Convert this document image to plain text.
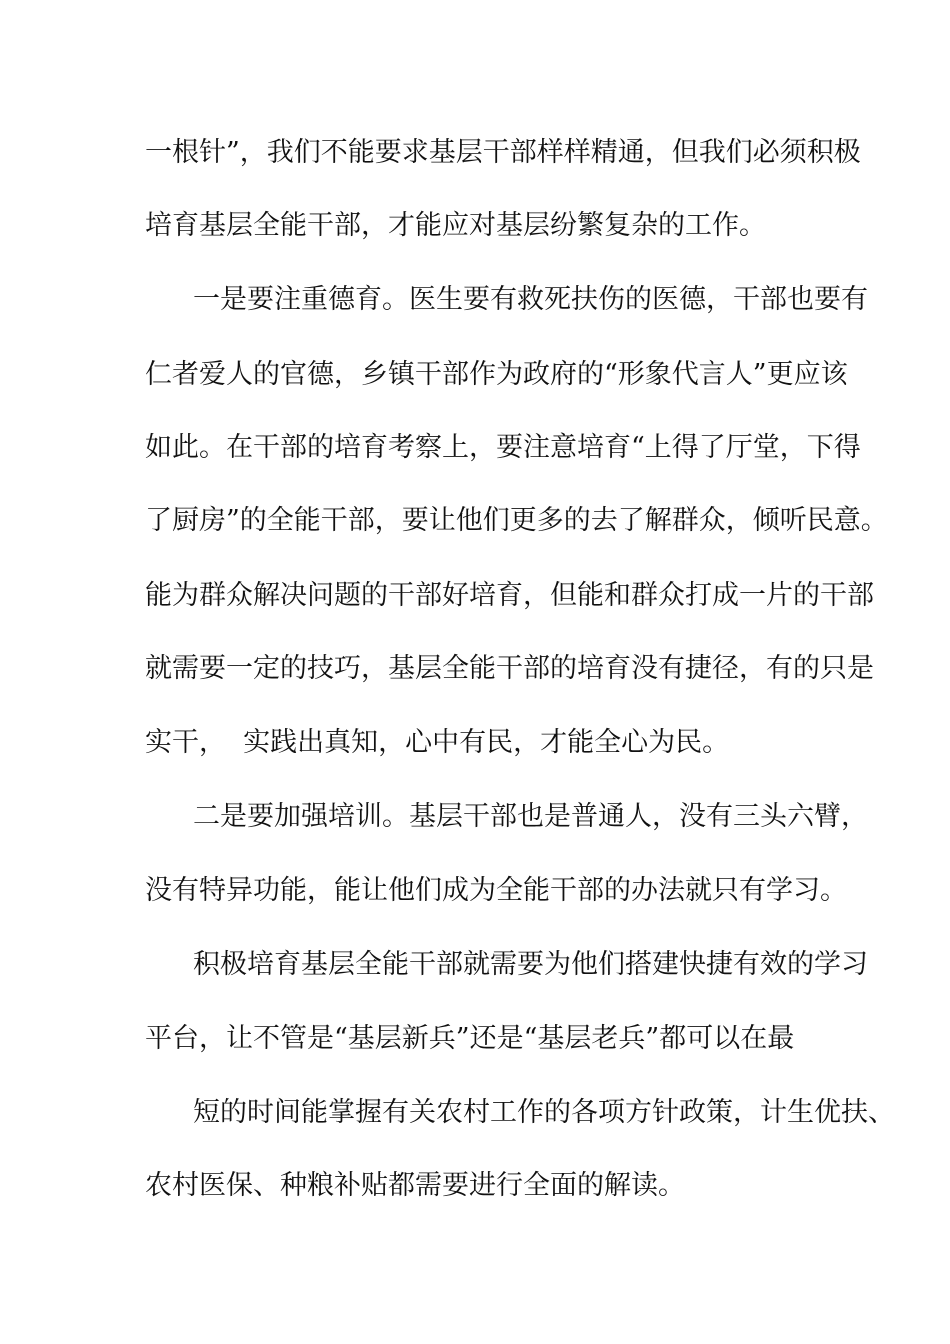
一根针”，我们不能要求基层干部样样精通，但我们必须积极
培育基层全能干部，才能应对基层纷繁复杂的工作。
一是要注重德育。医生要有救死扶伤的医德，干部也要有
仁者爱人的官德，乡镇干部作为政府的“形象代言人”更应该
如此。在干部的培育考察上，要注意培育“上得了厅堂，下得
了厨房”的全能干部，要让他们更多的去了解群众，倾听民意。
能为群众解决问题的干部好培育，但能和群众打成一片的干部
就需要一定的技巧，基层全能干部的培育没有捷径，有的只是
实干，  实践出真知，心中有民，才能全心为民。
二是要加强培训。基层干部也是普通人，没有三头六臂，
没有特异功能，能让他们成为全能干部的办法就只有学习。
积极培育基层全能干部就需要为他们搭建快捷有效的学习
平台，让不管是“基层新兵”还是“基层老兵”都可以在最
短的时间能掌握有关农村工作的各项方针政策，计生优扶、
农村医保、种粮补贴都需要进行全面的解读。
